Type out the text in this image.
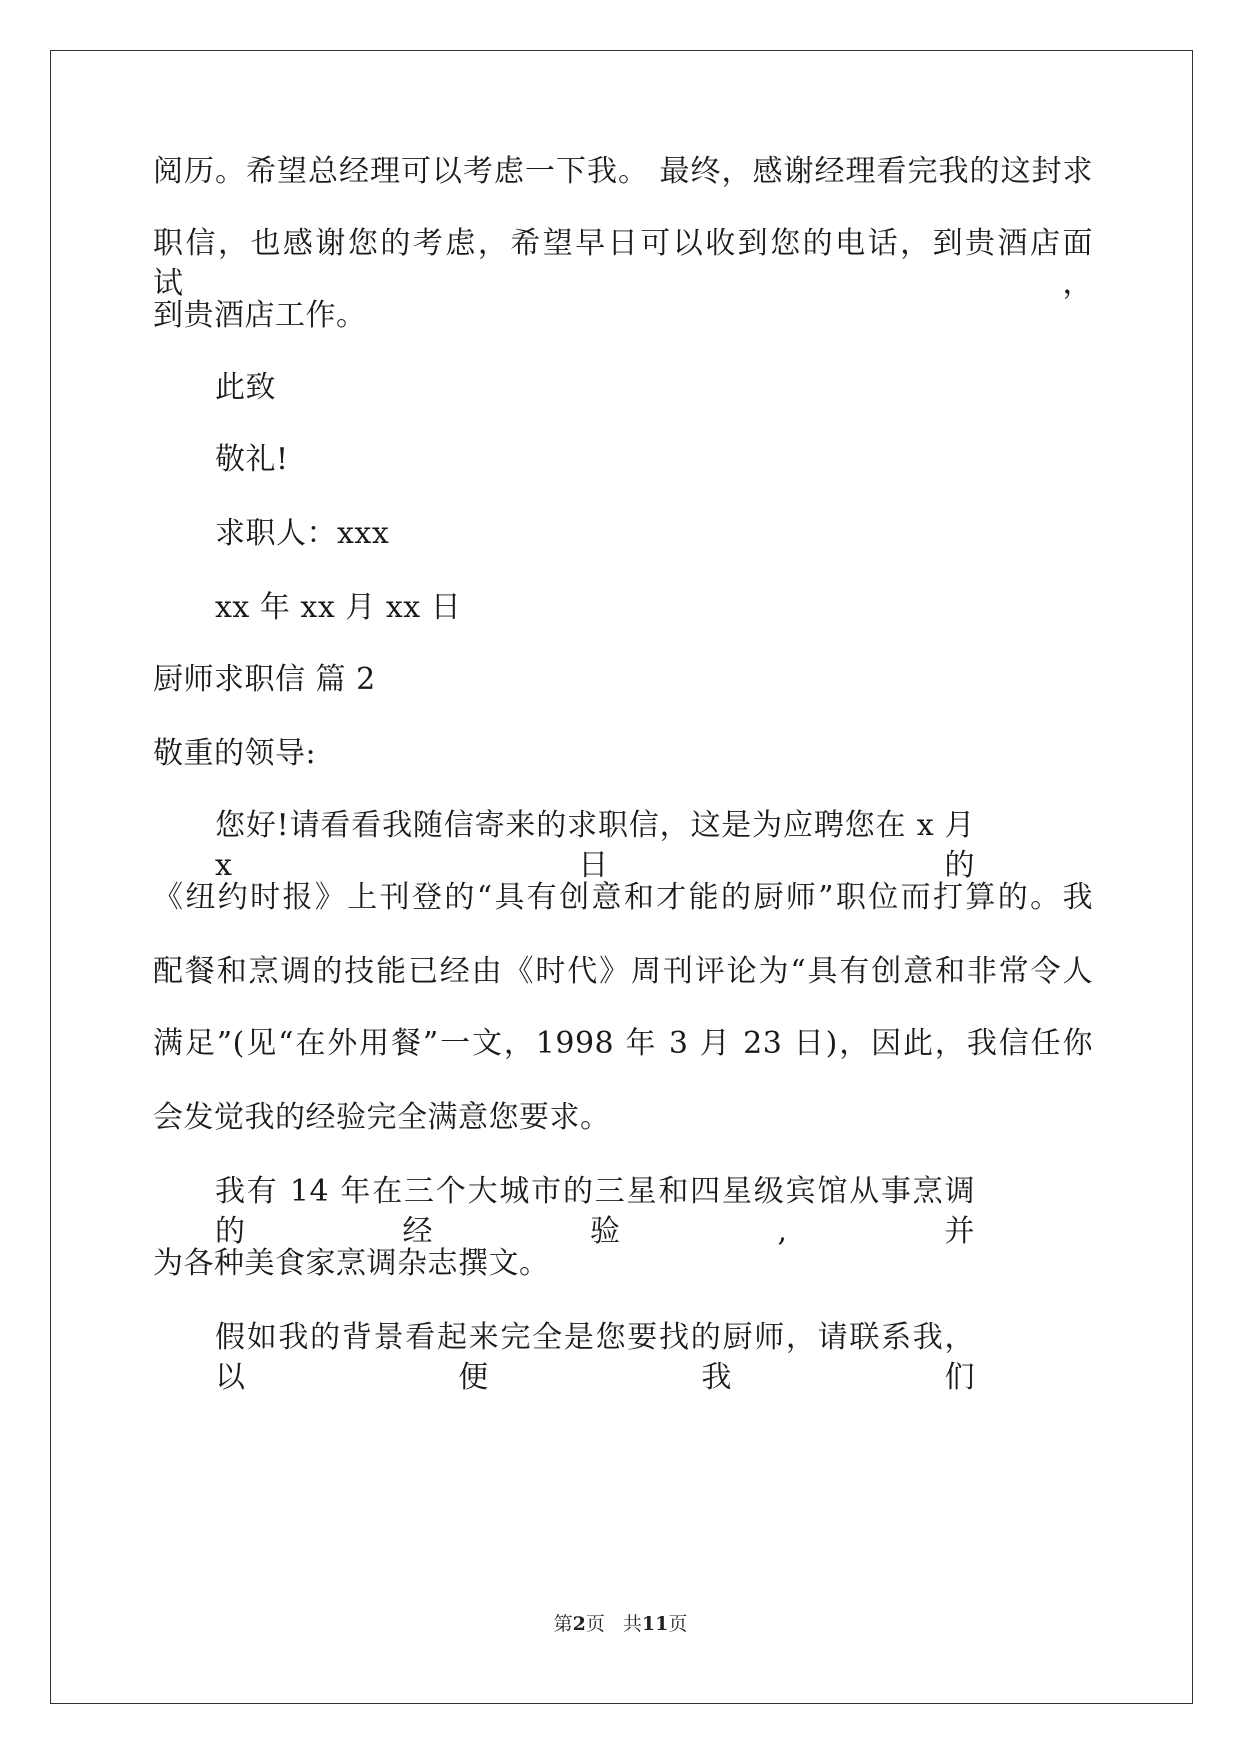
阅历。希望总经理可以考虑一下我。 最终，感谢经理看完我的这封求
职信，也感谢您的考虑，希望早日可以收到您的电话，到贵酒店面试，
到贵酒店工作。
此致
敬礼!
求职人：xxx
xx 年 xx 月 xx 日
厨师求职信 篇 2
敬重的领导:
您好!请看看我随信寄来的求职信，这是为应聘您在 x 月 x 日的
《纽约时报》上刊登的“具有创意和才能的厨师”职位而打算的。我
配餐和烹调的技能已经由《时代》周刊评论为“具有创意和非常令人
满足”(见“在外用餐”一文，1998 年 3 月 23 日)，因此，我信任你
会发觉我的经验完全满意您要求。
我有 14 年在三个大城市的三星和四星级宾馆从事烹调的经验,并
为各种美食家烹调杂志撰文。
假如我的背景看起来完全是您要找的厨师，请联系我，以便我们
第2页 共11页
